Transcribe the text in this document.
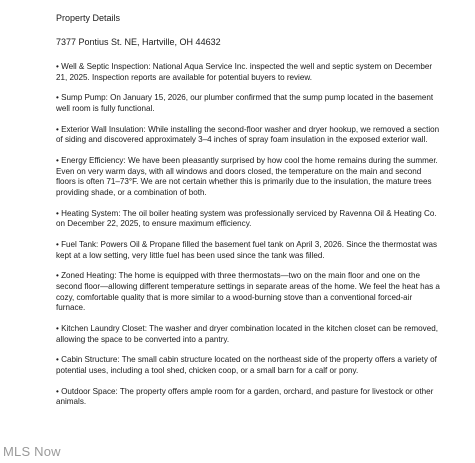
Property Details

7377 Pontius St. NE, Hartville, OH 44632

• Well & Septic Inspection: National Aqua Service Inc. inspected the well and septic system on December 21, 2025. Inspection reports are available for potential buyers to review.

• Sump Pump: On January 15, 2026, our plumber confirmed that the sump pump located in the basement well room is fully functional.

• Exterior Wall Insulation: While installing the second-floor washer and dryer hookup, we removed a section of siding and discovered approximately 3–4 inches of spray foam insulation in the exposed exterior wall.

• Energy Efficiency: We have been pleasantly surprised by how cool the home remains during the summer. Even on very warm days, with all windows and doors closed, the temperature on the main and second floors is often 71–73°F. We are not certain whether this is primarily due to the insulation, the mature trees providing shade, or a combination of both.

• Heating System: The oil boiler heating system was professionally serviced by Ravenna Oil & Heating Co. on December 22, 2025, to ensure maximum efficiency.

• Fuel Tank: Powers Oil & Propane filled the basement fuel tank on April 3, 2026. Since the thermostat was kept at a low setting, very little fuel has been used since the tank was filled.

• Zoned Heating: The home is equipped with three thermostats—two on the main floor and one on the second floor—allowing different temperature settings in separate areas of the home. We feel the heat has a cozy, comfortable quality that is more similar to a wood-burning stove than a conventional forced-air furnace.

• Kitchen Laundry Closet: The washer and dryer combination located in the kitchen closet can be removed, allowing the space to be converted into a pantry.

• Cabin Structure: The small cabin structure located on the northeast side of the property offers a variety of potential uses, including a tool shed, chicken coop, or a small barn for a calf or pony.

• Outdoor Space: The property offers ample room for a garden, orchard, and pasture for livestock or other animals.

MLS Now
